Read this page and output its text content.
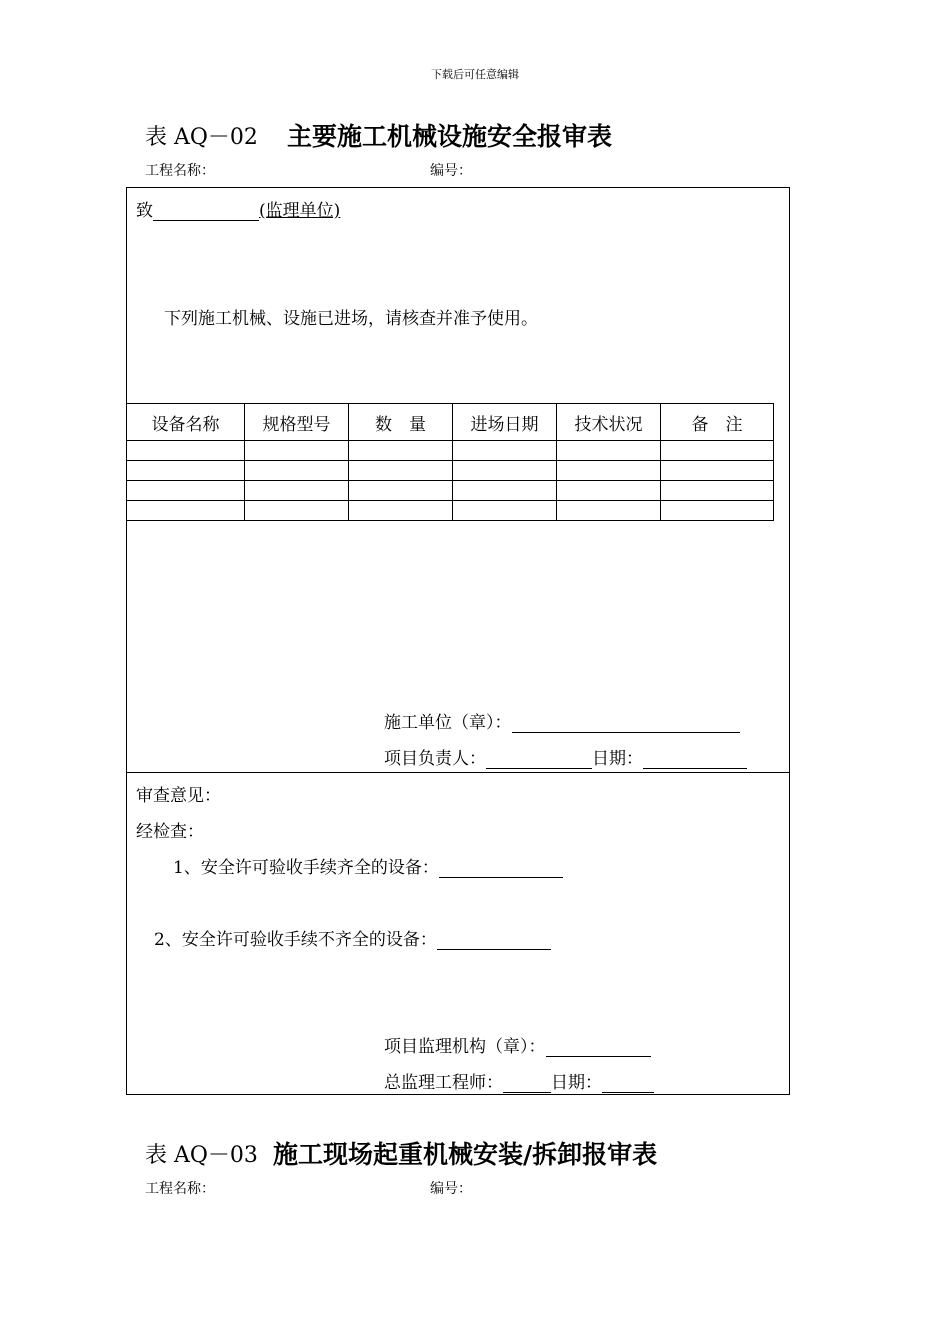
下载后可任意编辑
表 AQ－02 主要施工机械设施安全报审表
工程名称：	编号：
致	(监理单位)
下列施工机械、设施已进场，请核查并准予使用。
设备名称	规格型号	数　量	进场日期	技术状况	备　注

施工单位（章）：
项目负责人：	日期：
审查意见：
经检查：
1、安全许可验收手续齐全的设备：
2、安全许可验收手续不齐全的设备：
项目监理机构（章）：
总监理工程师：	日期：
表 AQ－03 施工现场起重机械安装/拆卸报审表
工程名称：	编号：
